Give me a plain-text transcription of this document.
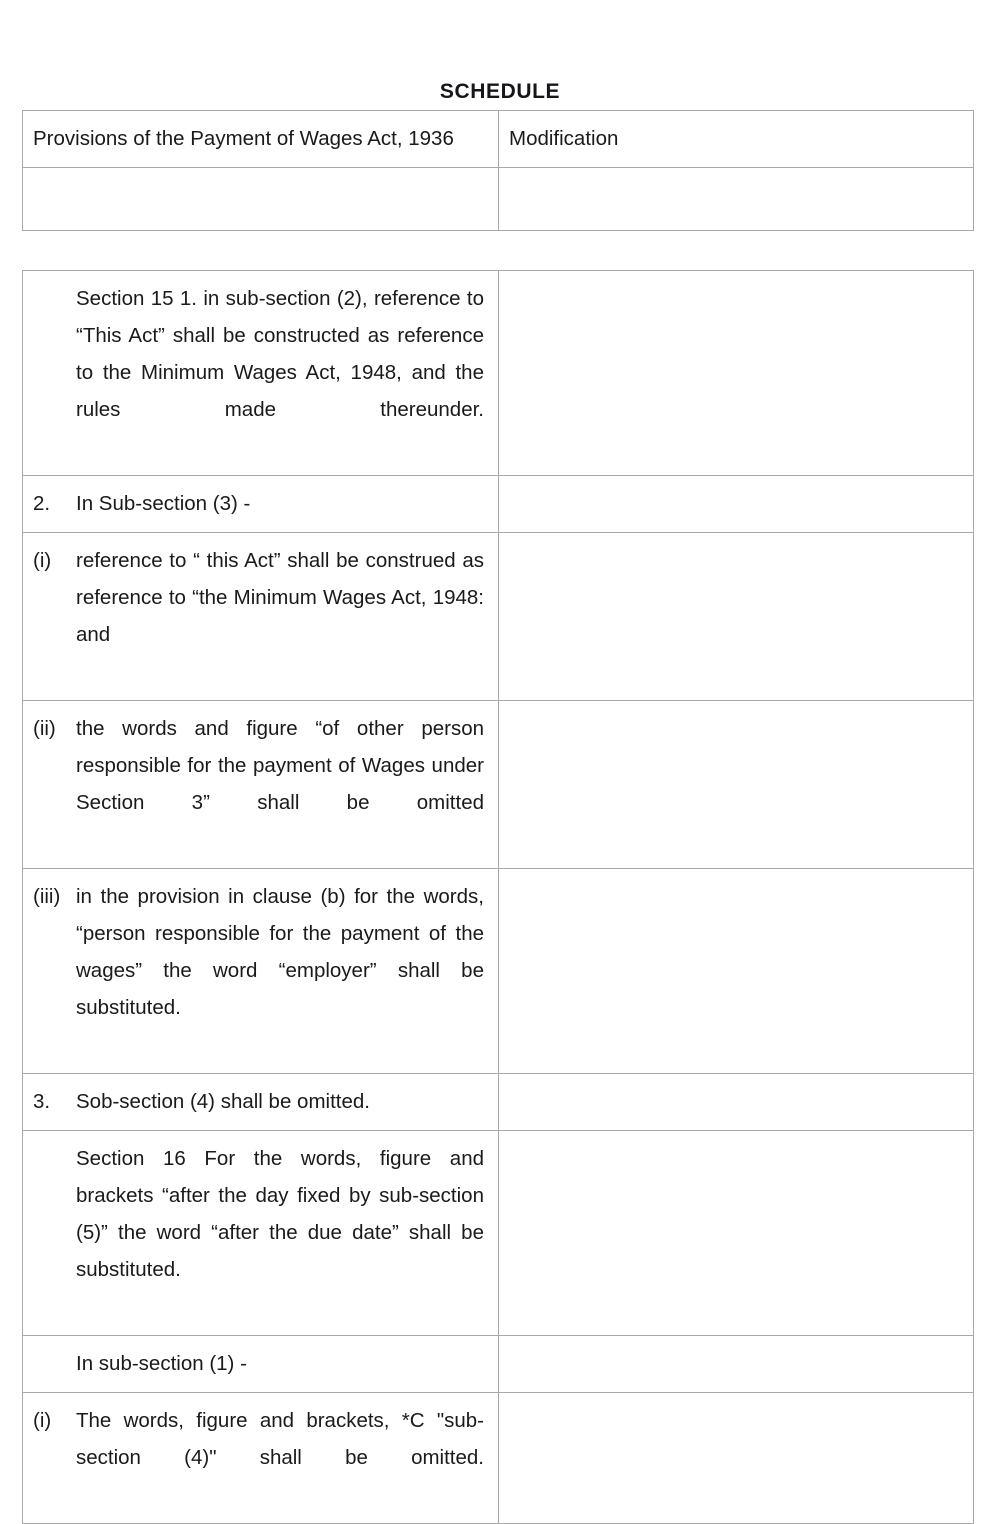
SCHEDULE
Provisions of the Payment of Wages Act, 1936	Modification

Section 15 1. in sub-section (2), reference to “This Act” shall be constructed as reference to the Minimum Wages Act, 1948, and the rules made thereunder.	

2. In Sub-section (3) -	

(i) reference to “ this Act” shall be construed as reference to “the Minimum Wages Act, 1948: and	

(ii) the words and figure “of other person responsible for the payment of Wages under Section 3” shall be omitted	

(iii) in the provision in clause (b) for the words, “person responsible for the payment of the wages” the word “employer” shall be substituted.	

3. Sob-section (4) shall be omitted.	

Section 16 For the words, figure and brackets “after the day fixed by sub-section (5)” the word “after the due date” shall be substituted.	

In sub-section (1) -	

(i) The words, figure and brackets, *C "sub-section (4)" shall be omitted.	
